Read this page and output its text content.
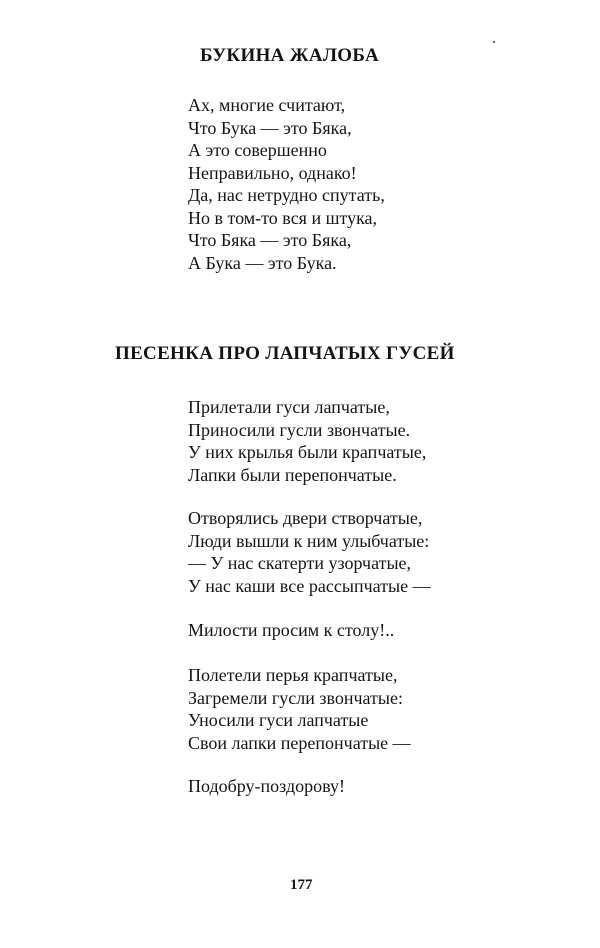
БУКИНА ЖАЛОБА
Ах, многие считают,
Что Бука — это Бяка,
А это совершенно
Неправильно, однако!
Да, нас нетрудно спутать,
Но в том-то вся и штука,
Что Бяка — это Бяка,
А Бука — это Бука.
ПЕСЕНКА ПРО ЛАПЧАТЫХ ГУСЕЙ
Прилетали гуси лапчатые,
Приносили гусли звончатые.
У них крылья были крапчатые,
Лапки были перепончатые.
Отворялись двери створчатые,
Люди вышли к ним улыбчатые:
— У нас скатерти узорчатые,
У нас каши все рассыпчатые —
Милости просим к столу!..
Полетели перья крапчатые,
Загремели гусли звончатые:
Уносили гуси лапчатые
Свои лапки перепончатые —
Подобру-поздорову!
177
